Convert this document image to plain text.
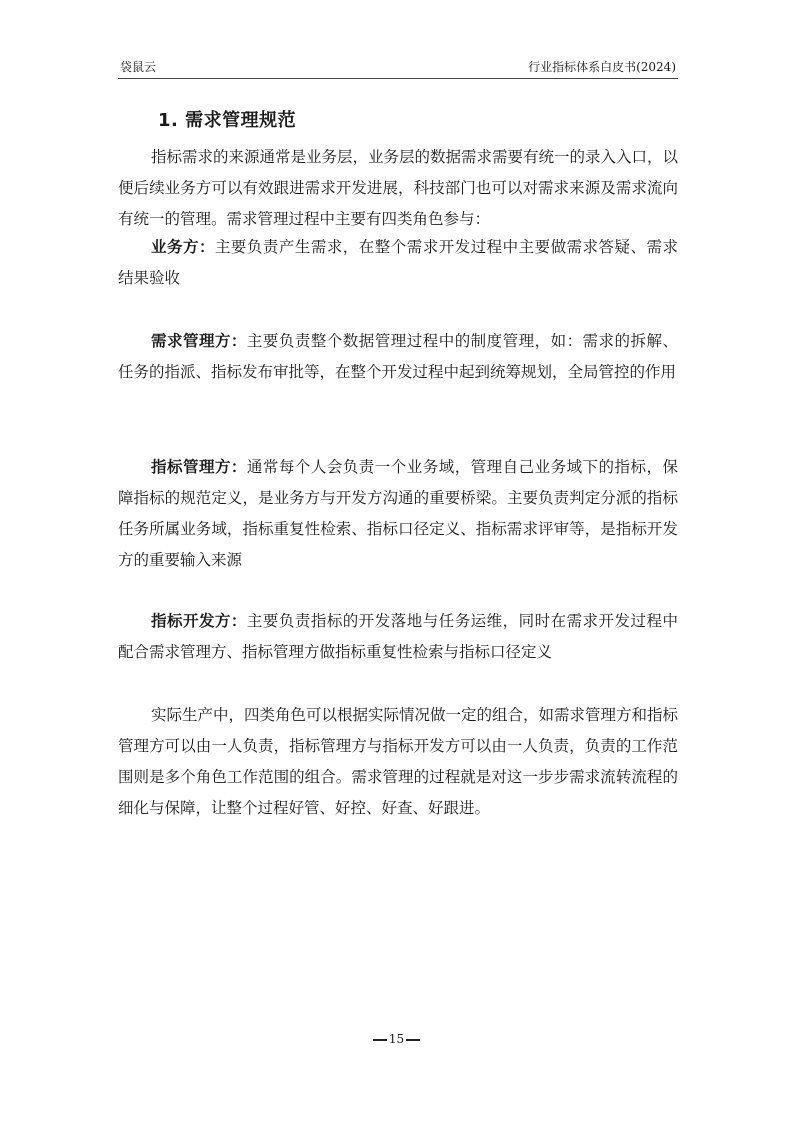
袋鼠云	行业指标体系白皮书(2024)
1. 需求管理规范

指标需求的来源通常是业务层，业务层的数据需求需要有统一的录入入口，以便后续业务方可以有效跟进需求开发进展，科技部门也可以对需求来源及需求流向有统一的管理。需求管理过程中主要有四类角色参与：

业务方：主要负责产生需求，在整个需求开发过程中主要做需求答疑、需求结果验收

需求管理方：主要负责整个数据管理过程中的制度管理，如：需求的拆解、任务的指派、指标发布审批等，在整个开发过程中起到统筹规划，全局管控的作用

指标管理方：通常每个人会负责一个业务域，管理自己业务域下的指标，保障指标的规范定义，是业务方与开发方沟通的重要桥梁。主要负责判定分派的指标任务所属业务域，指标重复性检索、指标口径定义、指标需求评审等，是指标开发方的重要输入来源

指标开发方：主要负责指标的开发落地与任务运维，同时在需求开发过程中配合需求管理方、指标管理方做指标重复性检索与指标口径定义

实际生产中，四类角色可以根据实际情况做一定的组合，如需求管理方和指标管理方可以由一人负责，指标管理方与指标开发方可以由一人负责，负责的工作范围则是多个角色工作范围的组合。需求管理的过程就是对这一步步需求流转流程的细化与保障，让整个过程好管、好控、好查、好跟进。

15
